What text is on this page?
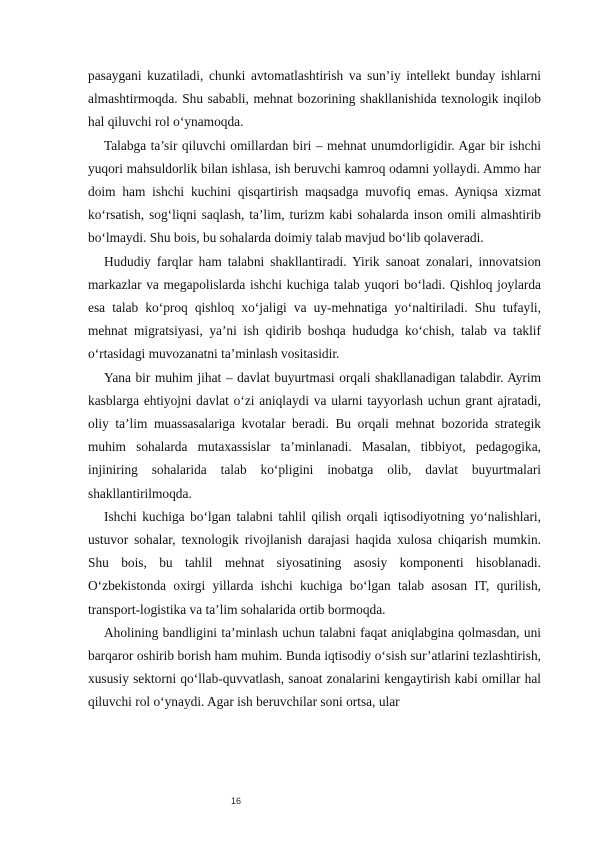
pasaygani kuzatiladi, chunki avtomatlashtirish va sun’iy intellekt bunday ishlarni almashtirmoqda. Shu sababli, mehnat bozorining shakllanishida texnologik inqilob hal qiluvchi rol o‘ynamoqda.

Talabga ta’sir qiluvchi omillardan biri – mehnat unumdorligidir. Agar bir ishchi yuqori mahsuldorlik bilan ishlasa, ish beruvchi kamroq odamni yollaydi. Ammo har doim ham ishchi kuchini qisqartirish maqsadga muvofiq emas. Ayniqsa xizmat ko‘rsatish, sog‘liqni saqlash, ta’lim, turizm kabi sohalarda inson omili almashtirib bo‘lmaydi. Shu bois, bu sohalarda doimiy talab mavjud bo‘lib qolaveradi.

Hududiy farqlar ham talabni shakllantiradi. Yirik sanoat zonalari, innovatsion markazlar va megapolislarda ishchi kuchiga talab yuqori bo‘ladi. Qishloq joylarda esa talab ko‘proq qishloq xo‘jaligi va uy-mehnatiga yo‘naltiriladi. Shu tufayli, mehnat migratsiyasi, ya’ni ish qidirib boshqa hududga ko‘chish, talab va taklif o‘rtasidagi muvozanatni ta’minlash vositasidir.

Yana bir muhim jihat – davlat buyurtmasi orqali shakllanadigan talabdir. Ayrim kasblarga ehtiyojni davlat o‘zi aniqlaydi va ularni tayyorlash uchun grant ajratadi, oliy ta’lim muassasalariga kvotalar beradi. Bu orqali mehnat bozorida strategik muhim sohalarda mutaxassislar ta’minlanadi. Masalan, tibbiyot, pedagogika, injiniring sohalarida talab ko‘pligini inobatga olib, davlat buyurtmalari shakllantirilmoqda.

Ishchi kuchiga bo‘lgan talabni tahlil qilish orqali iqtisodiyotning yo‘nalishlari, ustuvor sohalar, texnologik rivojlanish darajasi haqida xulosa chiqarish mumkin. Shu bois, bu tahlil mehnat siyosatining asosiy komponenti hisoblanadi. O‘zbekistonda oxirgi yillarda ishchi kuchiga bo‘lgan talab asosan IT, qurilish, transport-logistika va ta’lim sohalarida ortib bormoqda.

Aholining bandligini ta’minlash uchun talabni faqat aniqlabgina qolmasdan, uni barqaror oshirib borish ham muhim. Bunda iqtisodiy o‘sish sur’atlarini tezlashtirish, xususiy sektorni qo‘llab-quvvatlash, sanoat zonalarini kengaytirish kabi omillar hal qiluvchi rol o‘ynaydi. Agar ish beruvchilar soni ortsa, ular

16
